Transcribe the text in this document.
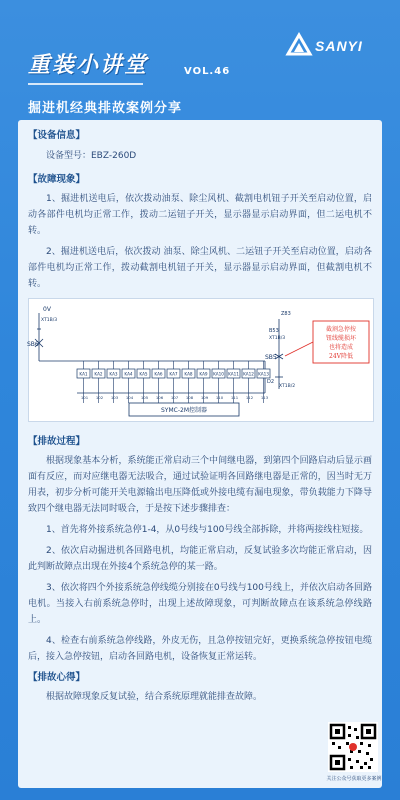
重装小讲堂	VOL.46
SANYI
掘进机经典排故案例分享
【设备信息】
设备型号：EBZ-260D
【故障现象】
1、掘进机送电后，依次拨动油泵、除尘风机、截割电机钮子开关至启动位置，启动各部件电机均正常工作，拨动二运钮子开关，显示器显示启动界面，但二运电机不转。
2、掘进机送电后，依次拨动 油泵、除尘风机、二运钮子开关至启动位置，启动各部件电机均正常工作，拨动截割电机钮子开关，显示器显示启动界面，但截割电机不转。
KA1 KA2 KA3 KA4 KA5 KA6 KA7 KA8 KA9 KA10 KA11 KA12 KA13
101 102 103 104 105 106 107 108 109 110 111 112 113
SYMC-2M控制器
0V
XT1B/3
SB6
Z83
B53
XT1B/3
SB5
D2
XT1B/2
截割急停按
钮线缆损坏
也将造成
24V降低
【排故过程】
根据现象基本分析，系统能正常启动三个中间继电器，到第四个回路启动后显示画面有反应，而对应继电器无法吸合，通过试验证明各回路继电器是正常的，因当时无万用表，初步分析可能开关电源输出电压降低或外接电缆有漏电现象，带负载能力下降导致四个继电器无法同时吸合，于是按下述步骤排查：
1、首先将外接系统急停1-4，从0号线与100号线全部拆除，并将两接线柱短接。
2、依次启动掘进机各回路电机，均能正常启动，反复试验多次均能正常启动，因此判断故障点出现在外接4个系统急停的某一路。
3、依次将四个外接系统急停线缆分别接在0号线与100号线上，并依次启动各回路电机。当接入右前系统急停时，出现上述故障现象，可判断故障点在该系统急停线路上。
4、检查右前系统急停线路，外皮无伤，且急停按钮完好，更换系统急停按钮电缆后，接入急停按钮，启动各回路电机，设备恢复正常运转。
【排故心得】
根据故障现象反复试验，结合系统原理就能排查故障。
关注公众号获取更多案例
